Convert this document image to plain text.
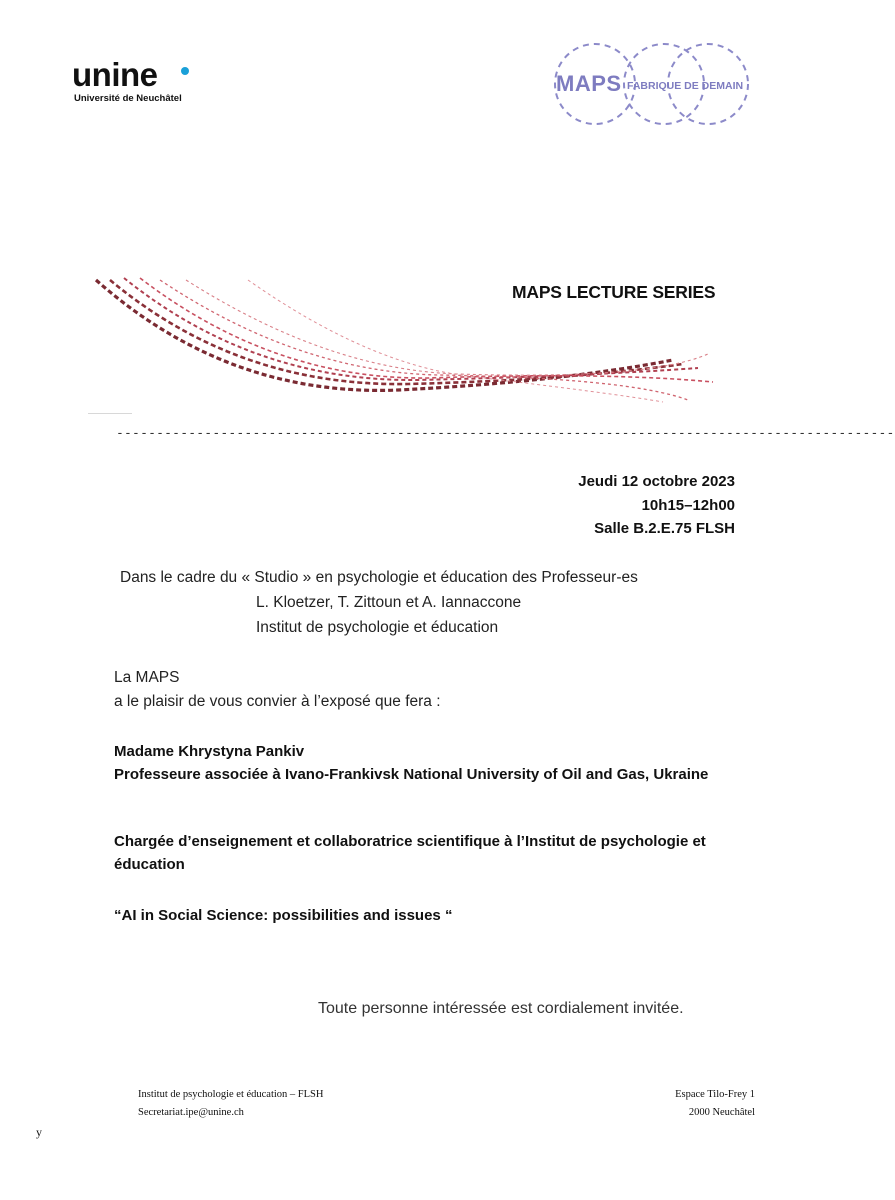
unine
Université de Neuchâtel
MAPS FABRIQUE DE DEMAIN
MAPS LECTURE SERIES
-------------------------------------------------------------------------------------------------
Jeudi 12 octobre 2023
10h15–12h00
Salle B.2.E.75 FLSH
Dans le cadre du « Studio » en psychologie et éducation des Professeur-es
L. Kloetzer, T. Zittoun et A. Iannaccone
Institut de psychologie et éducation
La MAPS
a le plaisir de vous convier à l’exposé que fera :
Madame Khrystyna Pankiv
Professeure associée à Ivano-Frankivsk National University of Oil and Gas, Ukraine
Chargée d’enseignement et collaboratrice scientifique à l’Institut de psychologie et éducation
“AI in Social Science: possibilities and issues “
Toute personne intéressée est cordialement invitée.
Institut de psychologie et éducation – FLSH
Secretariat.ipe@unine.ch
Espace Tilo-Frey 1
2000 Neuchâtel
y
